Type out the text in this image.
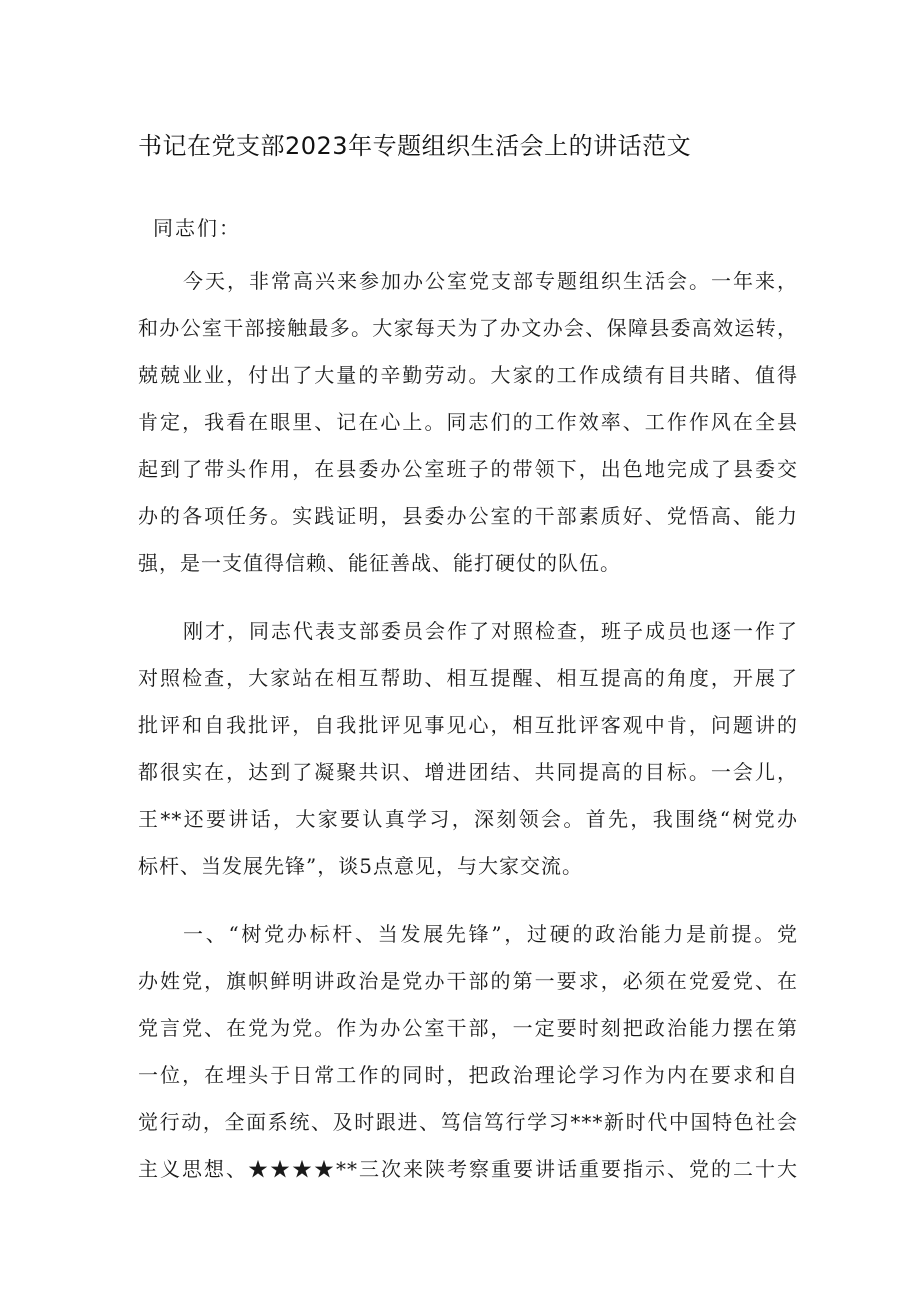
书记在党支部2023年专题组织生活会上的讲话范文

同志们：

今天，非常高兴来参加办公室党支部专题组织生活会。一年来，
和办公室干部接触最多。大家每天为了办文办会、保障县委高效运转，
兢兢业业，付出了大量的辛勤劳动。大家的工作成绩有目共睹、值得
肯定，我看在眼里、记在心上。同志们的工作效率、工作作风在全县
起到了带头作用，在县委办公室班子的带领下，出色地完成了县委交
办的各项任务。实践证明，县委办公室的干部素质好、党悟高、能力
强，是一支值得信赖、能征善战、能打硬仗的队伍。
刚才，同志代表支部委员会作了对照检查，班子成员也逐一作了
对照检查，大家站在相互帮助、相互提醒、相互提高的角度，开展了
批评和自我批评，自我批评见事见心，相互批评客观中肯，问题讲的
都很实在，达到了凝聚共识、增进团结、共同提高的目标。一会儿，
王**还要讲话，大家要认真学习，深刻领会。首先，我围绕“树党办
标杆、当发展先锋”，谈5点意见，与大家交流。
一、“树党办标杆、当发展先锋”，过硬的政治能力是前提。党
办姓党，旗帜鲜明讲政治是党办干部的第一要求，必须在党爱党、在
党言党、在党为党。作为办公室干部，一定要时刻把政治能力摆在第
一位，在埋头于日常工作的同时，把政治理论学习作为内在要求和自
觉行动，全面系统、及时跟进、笃信笃行学习***新时代中国特色社会
主义思想、★★★★**三次来陕考察重要讲话重要指示、党的二十大
